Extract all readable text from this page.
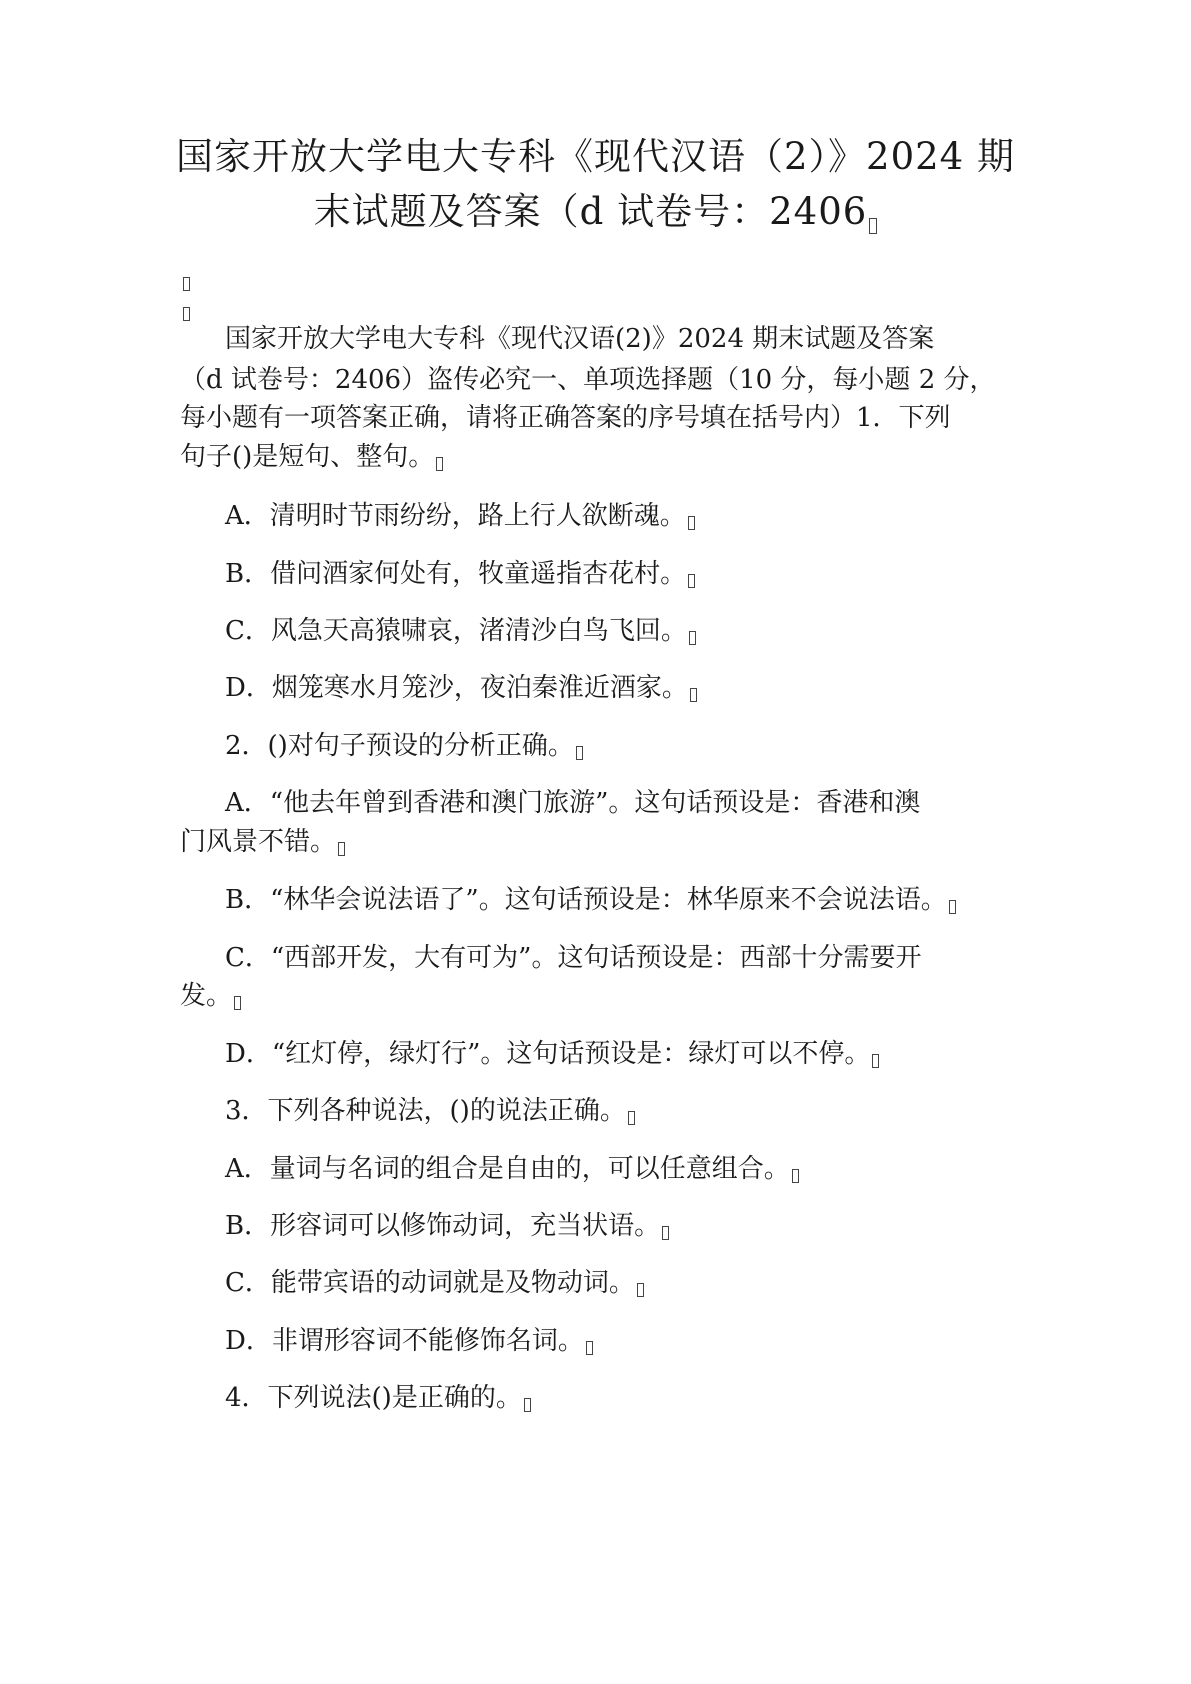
国家开放大学电大专科《现代汉语（2）》2024 期
末试题及答案（d 试卷号：2406
国家开放大学电大专科《现代汉语(2)》2024 期末试题及答案
（d 试卷号：2406）盗传必究一、单项选择题（10 分，每小题 2 分，
每小题有一项答案正确，请将正确答案的序号填在括号内）1．下列
句子()是短句、整句。
A．清明时节雨纷纷，路上行人欲断魂。
B．借问酒家何处有，牧童遥指杏花村。
C．风急天高猿啸哀，渚清沙白鸟飞回。
D．烟笼寒水月笼沙，夜泊秦淮近酒家。
2．()对句子预设的分析正确。
A．“他去年曾到香港和澳门旅游”。这句话预设是：香港和澳
门风景不错。
B．“林华会说法语了”。这句话预设是：林华原来不会说法语。
C．“西部开发，大有可为”。这句话预设是：西部十分需要开
发。
D．“红灯停，绿灯行”。这句话预设是：绿灯可以不停。
3．下列各种说法，()的说法正确。
A．量词与名词的组合是自由的，可以任意组合。
B．形容词可以修饰动词，充当状语。
C．能带宾语的动词就是及物动词。
D．非谓形容词不能修饰名词。
4．下列说法()是正确的。
